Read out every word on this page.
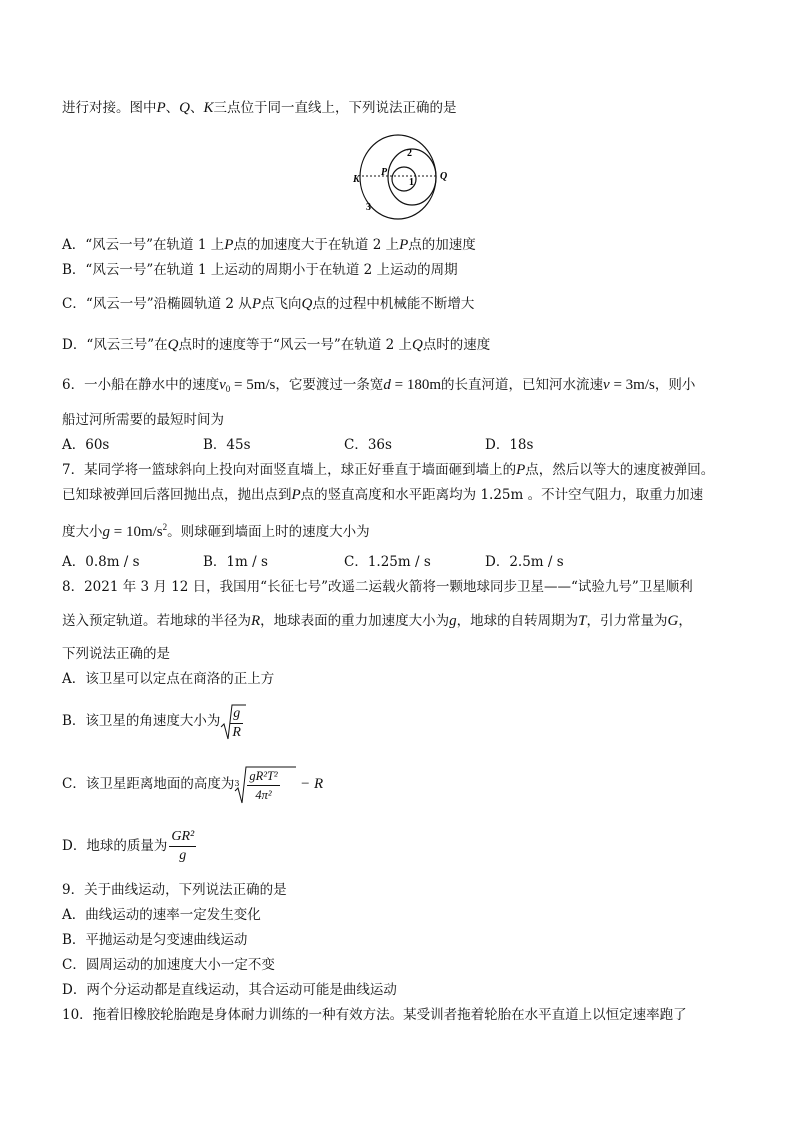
进行对接。图中P、Q、K三点位于同一直线上，下列说法正确的是
K
P	Q
1
2
3
A．“风云一号”在轨道 1 上P点的加速度大于在轨道 2 上P点的加速度
B．“风云一号”在轨道 1 上运动的周期小于在轨道 2 上运动的周期
C．“风云一号”沿椭圆轨道 2 从P点飞向Q点的过程中机械能不断增大
D．“风云三号”在Q点时的速度等于“风云一号”在轨道 2 上Q点时的速度
6．一小船在静水中的速度$v_0 = 5m/s$，它要渡过一条宽d = 180m的长直河道，已知河水流速v = 3m/s，则小
船过河所需要的最短时间为
A．60s	B．45s	C．36s	D．18s
7．某同学将一篮球斜向上投向对面竖直墙上，球正好垂直于墙面砸到墙上的P点，然后以等大的速度被弹回。
已知球被弹回后落回抛出点，抛出点到P点的竖直高度和水平距离均为 1.25m 。不计空气阻力，取重力加速
度大小$g = 10m/s^2$。则球砸到墙面上时的速度大小为
A．0.8m / s	B．1m / s	C．1.25m / s	D．2.5m / s
8．2021 年 3 月 12 日，我国用“长征七号”改遥二运载火箭将一颗地球同步卫星——“试验九号”卫星顺利
送入预定轨道。若地球的半径为R，地球表面的重力加速度大小为g，地球的自转周期为T，引力常量为G，
下列说法正确的是
A．该卫星可以定点在商洛的正上方
B．该卫星的角速度大小为 $\frac{g}{R}$
C．该卫星距离地面的高度为 $3 \frac{\text{gR²T²}}{\text{4π²}} - R$
D．地球的质量为 $\frac{\text{GR²}}{g}$
9．关于曲线运动，下列说法正确的是
A．曲线运动的速率一定发生变化
B．平抛运动是匀变速曲线运动
C．圆周运动的加速度大小一定不变
D．两个分运动都是直线运动，其合运动可能是曲线运动
10．拖着旧橡胶轮胎跑是身体耐力训练的一种有效方法。某受训者拖着轮胎在水平直道上以恒定速率跑了
